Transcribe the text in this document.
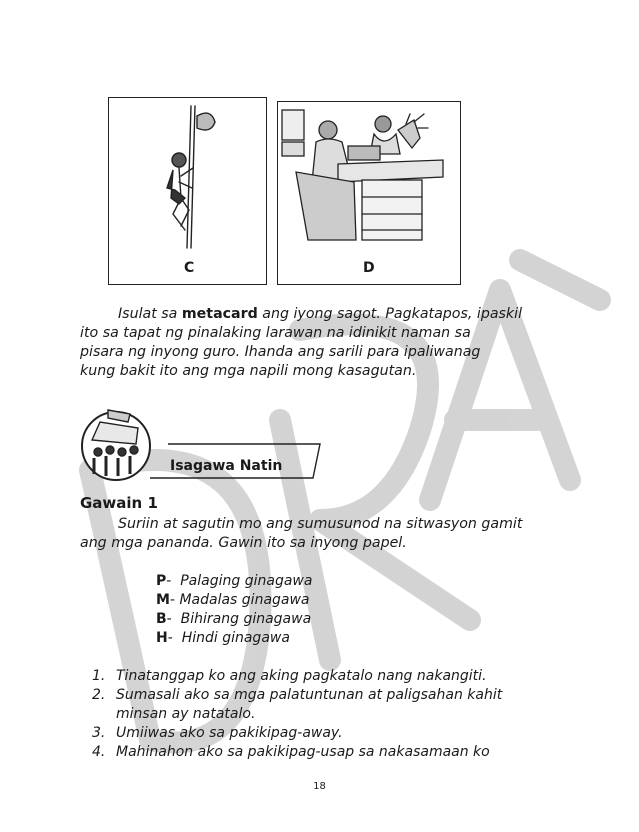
C	D
Isulat sa metacard ang iyong sagot. Pagkatapos, ipaskil
ito sa tapat ng pinalaking larawan na idinikit naman sa
pisara ng inyong guro. Ihanda ang sarili para ipaliwanag
kung bakit ito ang mga napili mong kasagutan.
Isagawa Natin
Gawain 1
Suriin at sagutin mo ang sumusunod na sitwasyon gamit
ang mga pananda. Gawin ito sa inyong papel.
P- Palaging ginagawa
M- Madalas ginagawa
B- Bihirang ginagawa
H- Hindi ginagawa
1. Tinatanggap ko ang aking pagkatalo nang nakangiti.
2. Sumasali ako sa mga palatuntunan at paligsahan kahit
minsan ay natatalo.
3. Umiiwas ako sa pakikipag-away.
4. Mahinahon ako sa pakikipag-usap sa nakasamaan ko
18
